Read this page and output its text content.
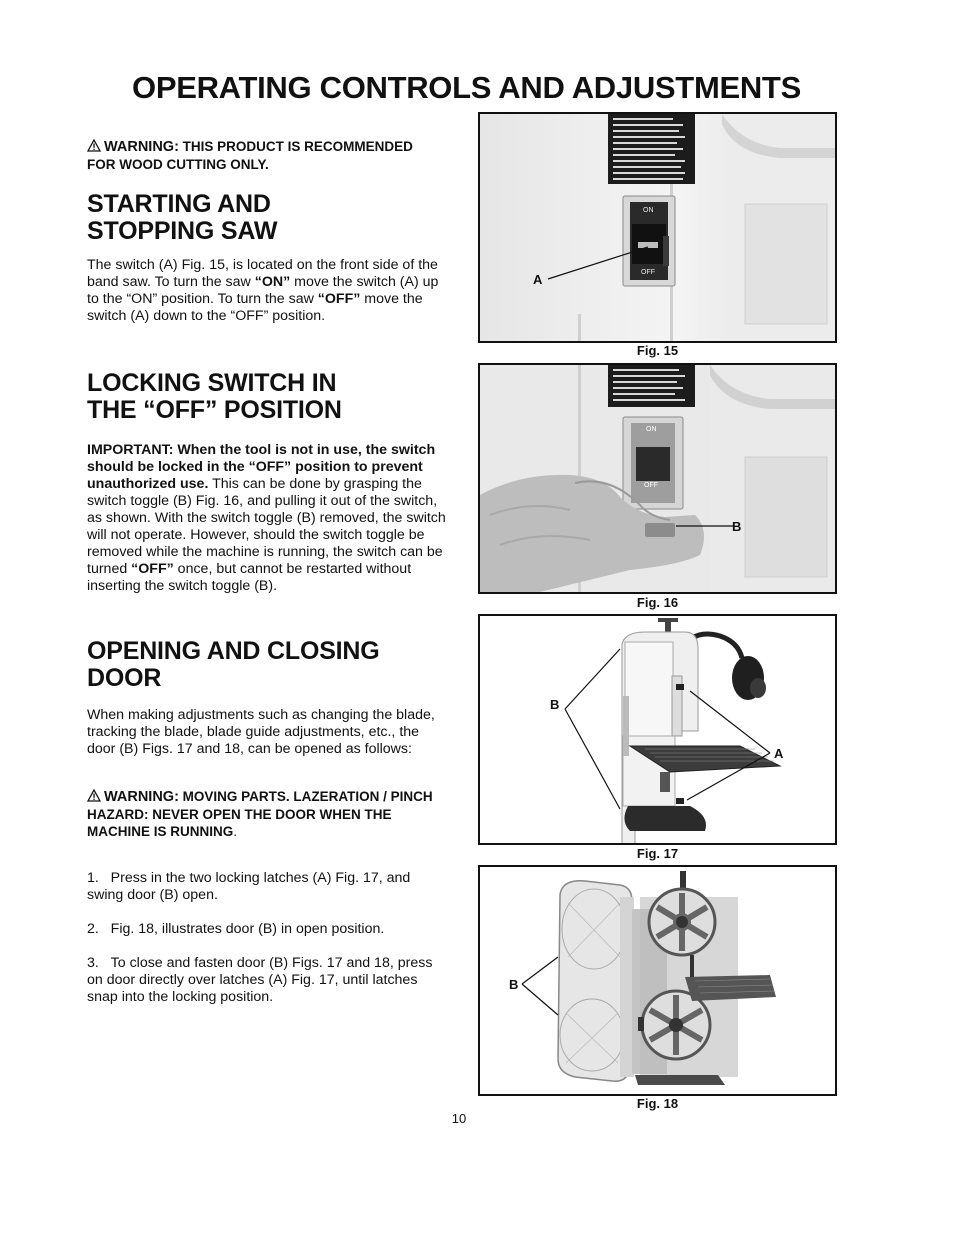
OPERATING CONTROLS AND ADJUSTMENTS

WARNING: THIS PRODUCT IS RECOMMENDED
FOR WOOD CUTTING ONLY.

STARTING AND
STOPPING SAW

The switch (A) Fig. 15, is located on the front side of the band saw. To turn the saw “ON” move the switch (A) up to the “ON” position. To turn the saw “OFF” move the switch (A) down to the “OFF” position.

LOCKING SWITCH IN
THE “OFF” POSITION

IMPORTANT: When the tool is not in use, the switch should be locked in the “OFF” position to prevent unauthorized use. This can be done by grasping the switch toggle (B) Fig. 16, and pulling it out of the switch, as shown. With the switch toggle (B) removed, the switch will not operate. However, should the switch toggle be removed while the machine is running, the switch can be turned “OFF” once, but cannot be restarted without inserting the switch toggle (B).

OPENING AND CLOSING
DOOR

When making adjustments such as changing the blade, tracking the blade, blade guide adjustments, etc., the door (B) Figs. 17 and 18, can be opened as follows:

WARNING: MOVING PARTS. LAZERATION / PINCH HAZARD: NEVER OPEN THE DOOR WHEN THE MACHINE IS RUNNING.

1.   Press in the two locking latches (A) Fig. 17, and swing door (B) open.

2.   Fig. 18, illustrates door (B) in open position.

3.   To close and fasten door (B) Figs. 17 and 18, press on door directly over latches (A) Fig. 17, until latches snap into the locking position.

ON
OFF
A
Fig. 15
ON
OFF
B
Fig. 16
B
A
Fig. 17
B
Fig. 18
10
